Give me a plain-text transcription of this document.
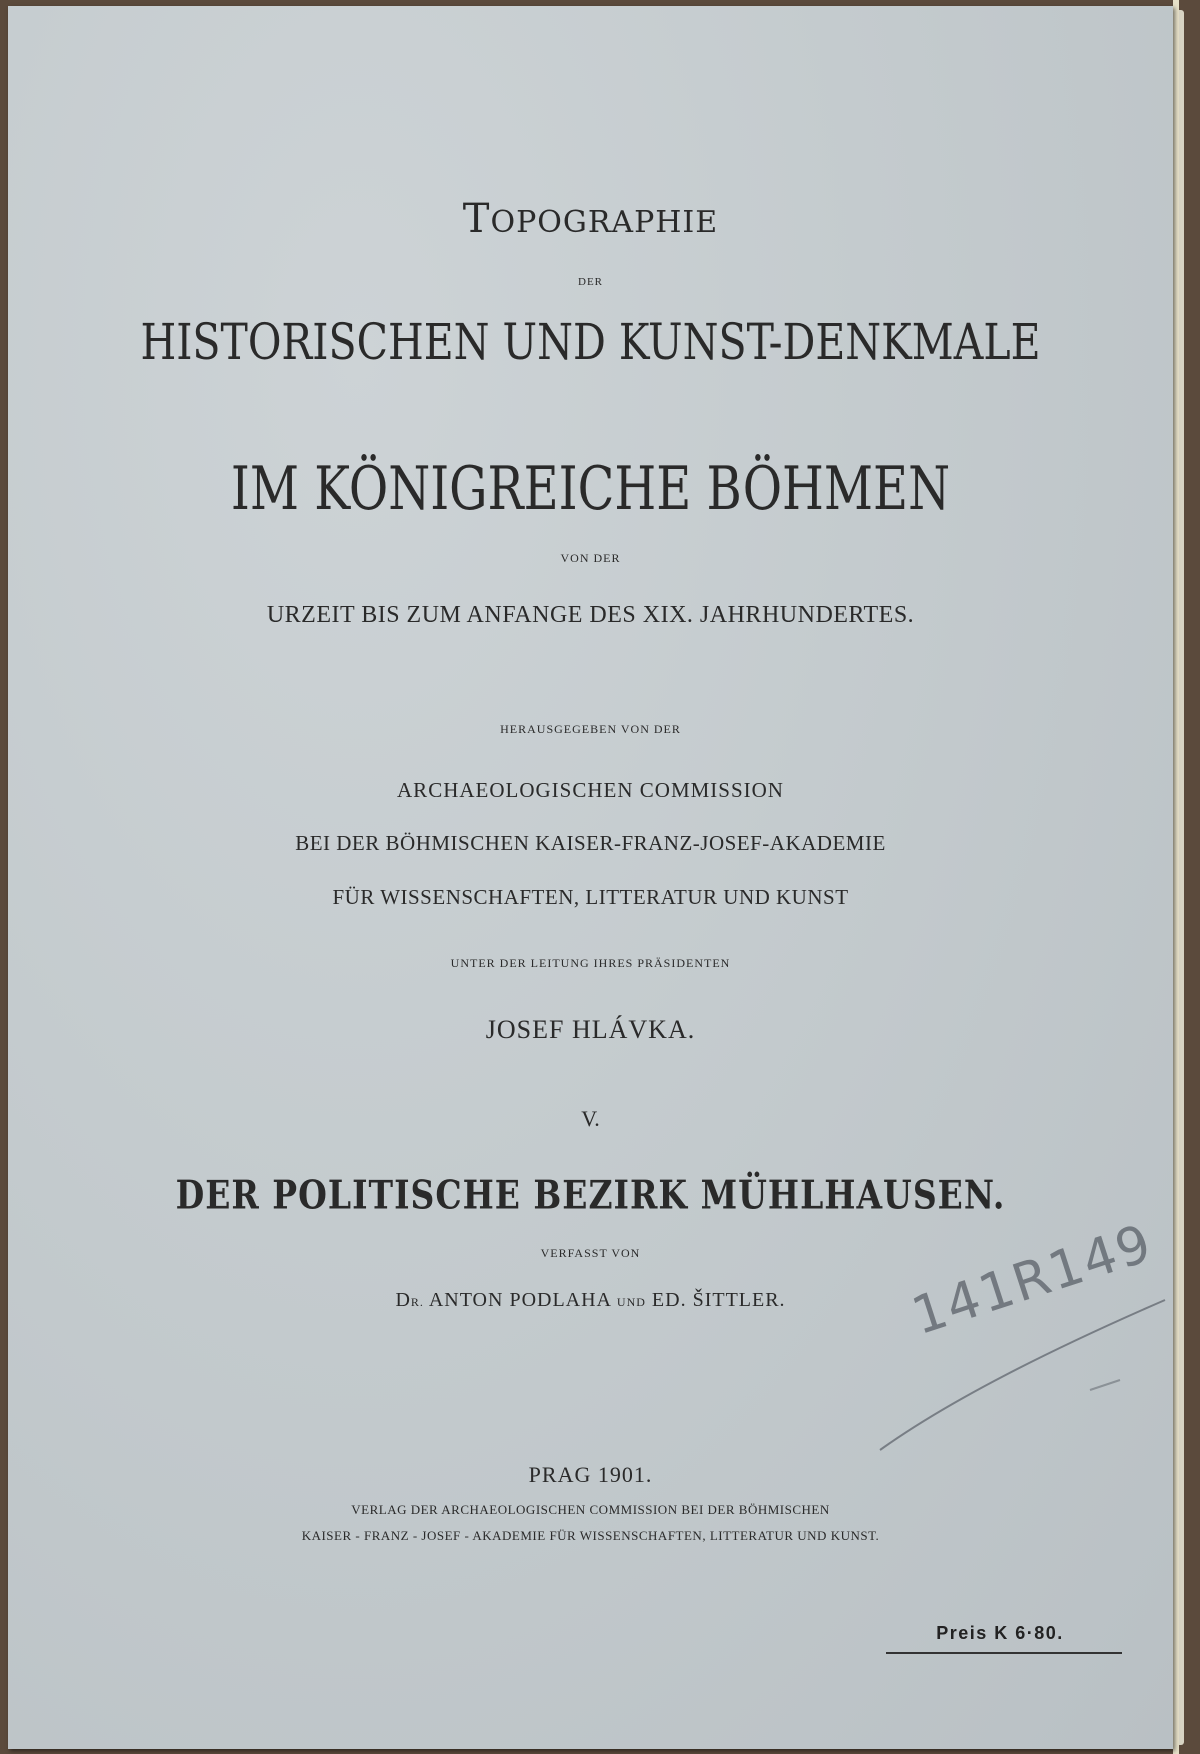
TOPOGRAPHIE
DER
HISTORISCHEN UND KUNST-DENKMALE
IM KÖNIGREICHE BÖHMEN
VON DER
URZEIT BIS ZUM ANFANGE DES XIX. JAHRHUNDERTES.
HERAUSGEGEBEN VON DER
ARCHAEOLOGISCHEN COMMISSION
BEI DER BÖHMISCHEN KAISER-FRANZ-JOSEF-AKADEMIE
FÜR WISSENSCHAFTEN, LITTERATUR UND KUNST
UNTER DER LEITUNG IHRES PRÄSIDENTEN
JOSEF HLÁVKA.
V.
DER POLITISCHE BEZIRK MÜHLHAUSEN.
VERFASST VON
DR. ANTON PODLAHA UND ED. ŠITTLER.
PRAG 1901.
VERLAG DER ARCHAEOLOGISCHEN COMMISSION BEI DER BÖHMISCHEN
KAISER - FRANZ - JOSEF - AKADEMIE FÜR WISSENSCHAFTEN, LITTERATUR UND KUNST.
141R149
Preis K 6·80.
